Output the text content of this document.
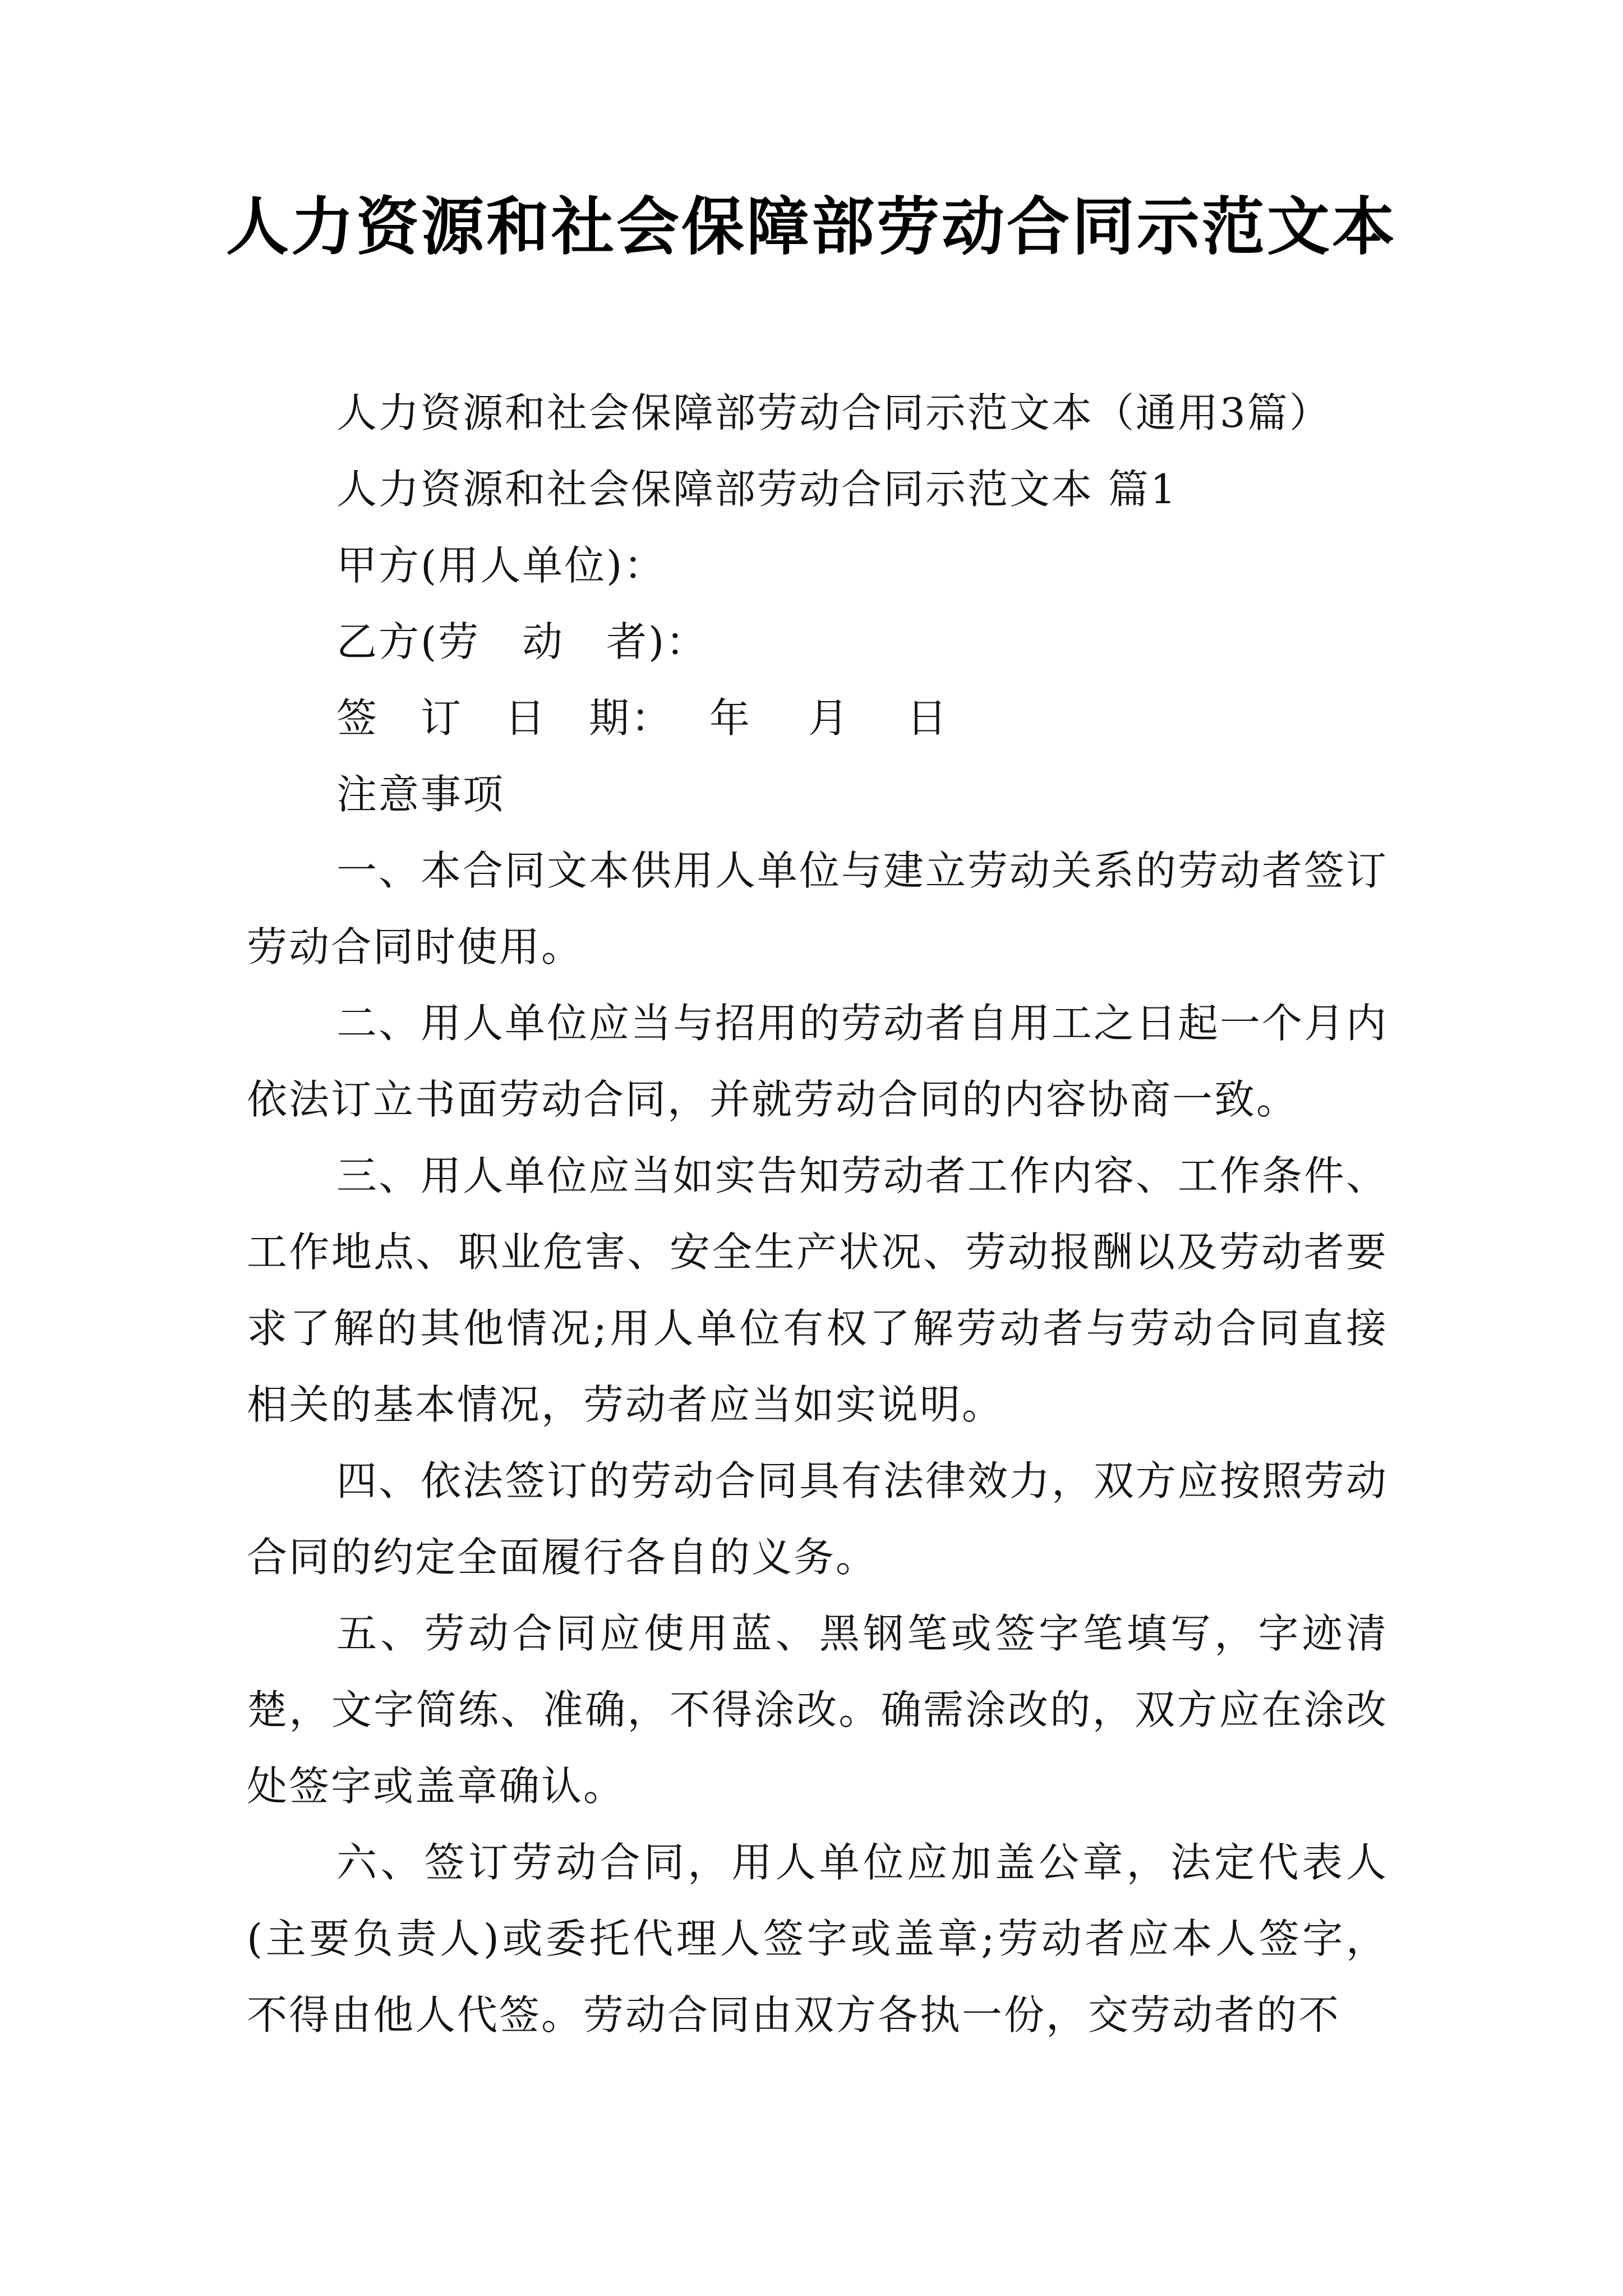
人力资源和社会保障部劳动合同示范文本

人力资源和社会保障部劳动合同示范文本（通用3篇）

人力资源和社会保障部劳动合同示范文本 篇1

甲方(用人单位)：

乙方(劳　动　者)：

签　订　日　期：　 年　 月　 日

注意事项

一、本合同文本供用人单位与建立劳动关系的劳动者签订劳动合同时使用。

二、用人单位应当与招用的劳动者自用工之日起一个月内依法订立书面劳动合同，并就劳动合同的内容协商一致。

三、用人单位应当如实告知劳动者工作内容、工作条件、工作地点、职业危害、安全生产状况、劳动报酬以及劳动者要求了解的其他情况;用人单位有权了解劳动者与劳动合同直接相关的基本情况，劳动者应当如实说明。

四、依法签订的劳动合同具有法律效力，双方应按照劳动合同的约定全面履行各自的义务。

五、劳动合同应使用蓝、黑钢笔或签字笔填写，字迹清楚，文字简练、准确，不得涂改。确需涂改的，双方应在涂改处签字或盖章确认。

六、签订劳动合同，用人单位应加盖公章，法定代表人(主要负责人)或委托代理人签字或盖章;劳动者应本人签字，不得由他人代签。劳动合同由双方各执一份，交劳动者的不
